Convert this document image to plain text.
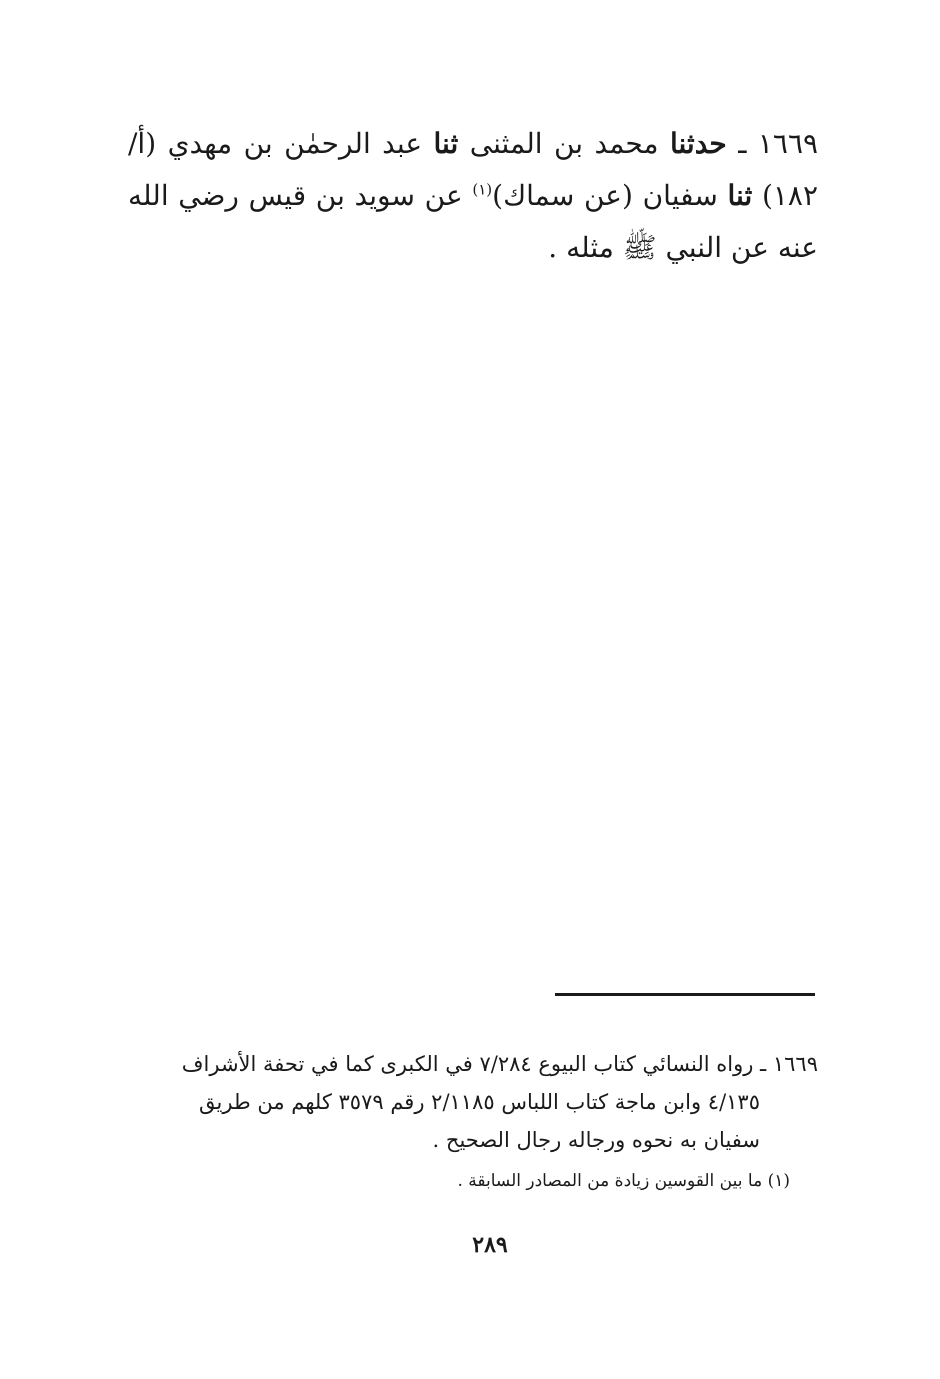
١٦٦٩ ـ حدثنا محمد بن المثنى ثنا عبد الرحمٰن بن مهدي (أ/١٨٢) ثنا سفيان (عن سماك)$^{(١)}$ عن سويد بن قيس رضي الله عنه عن النبي ﷺ مثله .

١٦٦٩ ـ رواه النسائي كتاب البيوع ٧/٢٨٤ في الكبرى كما في تحفة الأشراف

٤/١٣٥ وابن ماجة كتاب اللباس ٢/١١٨٥ رقم ٣٥٧٩ كلهم من طريق

سفيان به نحوه ورجاله رجال الصحيح .

(١) ما بين القوسين زيادة من المصادر السابقة .
٢٨٩
